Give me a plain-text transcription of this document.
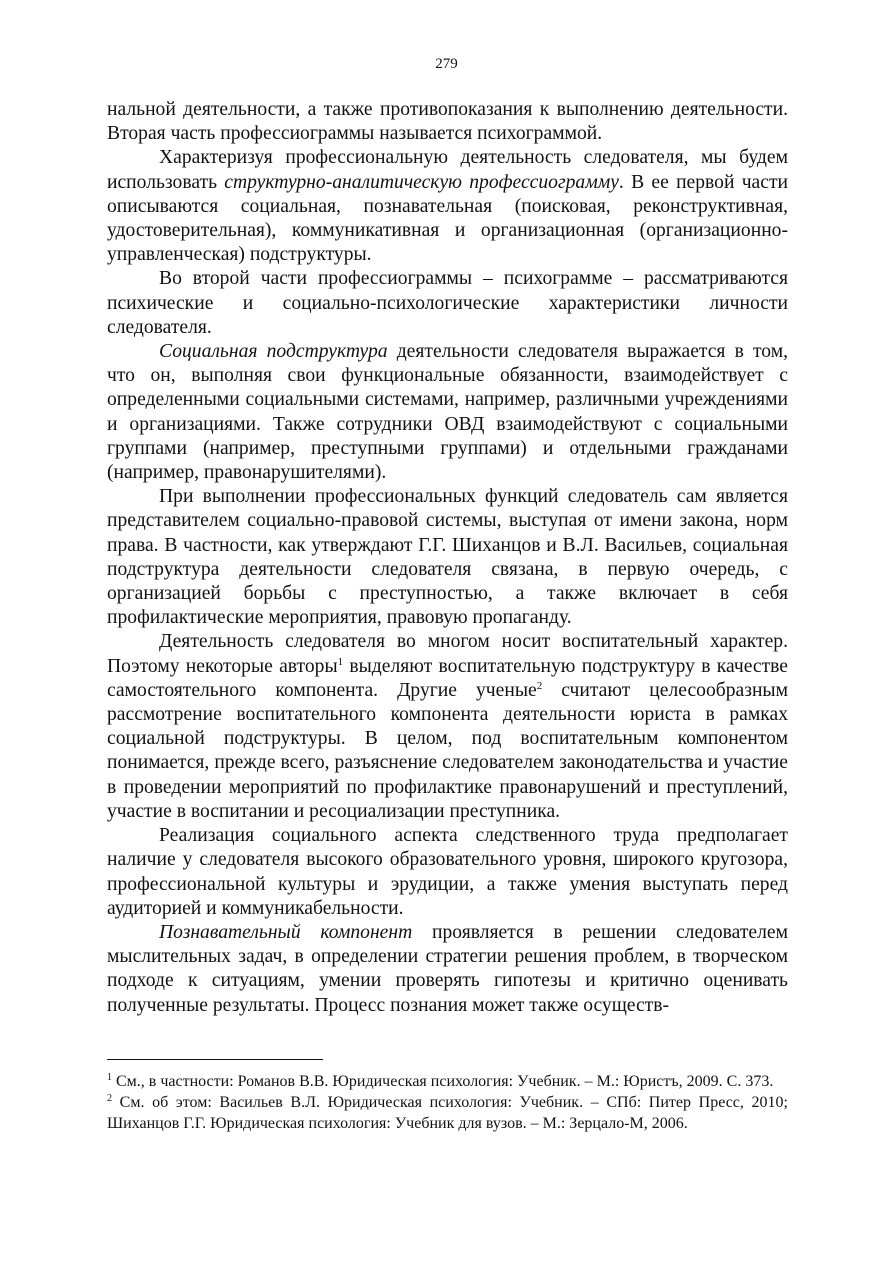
279

нальной деятельности, а также противопоказания к выполнению деятельности. Вторая часть профессиограммы называется психограммой.

Характеризуя профессиональную деятельность следователя, мы будем использовать структурно-аналитическую профессиограмму. В ее первой части описываются социальная, познавательная (поисковая, реконструктивная, удостоверительная), коммуникативная и организационная (организационно-управленческая) подструктуры.

Во второй части профессиограммы – психограмме – рассматриваются психические и социально-психологические характеристики личности следователя.

Социальная подструктура деятельности следователя выражается в том, что он, выполняя свои функциональные обязанности, взаимодействует с определенными социальными системами, например, различными учреждениями и организациями. Также сотрудники ОВД взаимодействуют с социальными группами (например, преступными группами) и отдельными гражданами (например, правонарушителями).

При выполнении профессиональных функций следователь сам является представителем социально-правовой системы, выступая от имени закона, норм права. В частности, как утверждают Г.Г. Шиханцов и В.Л. Васильев, социальная подструктура деятельности следователя связана, в первую очередь, с организацией борьбы с преступностью, а также включает в себя профилактические мероприятия, правовую пропаганду.

Деятельность следователя во многом носит воспитательный характер. Поэтому некоторые авторы$^1$ выделяют воспитательную подструктуру в качестве самостоятельного компонента. Другие ученые$^2$ считают целесообразным рассмотрение воспитательного компонента деятельности юриста в рамках социальной подструктуры. В целом, под воспитательным компонентом понимается, прежде всего, разъяснение следователем законодательства и участие в проведении мероприятий по профилактике правонарушений и преступлений, участие в воспитании и ресоциализации преступника.

Реализация социального аспекта следственного труда предполагает наличие у следователя высокого образовательного уровня, широкого кругозора, профессиональной культуры и эрудиции, а также умения выступать перед аудиторией и коммуникабельности.

Познавательный компонент проявляется в решении следователем мыслительных задач, в определении стратегии решения проблем, в творческом подходе к ситуациям, умении проверять гипотезы и критично оценивать полученные результаты. Процесс познания может также осуществ-

$^1$ См., в частности: Романов В.В. Юридическая психология: Учебник. – М.: Юристъ, 2009. С. 373.

$^2$ См. об этом: Васильев В.Л. Юридическая психология: Учебник. – СПб: Питер Пресс, 2010; Шиханцов Г.Г. Юридическая психология: Учебник для вузов. – М.: Зерцало-М, 2006.
